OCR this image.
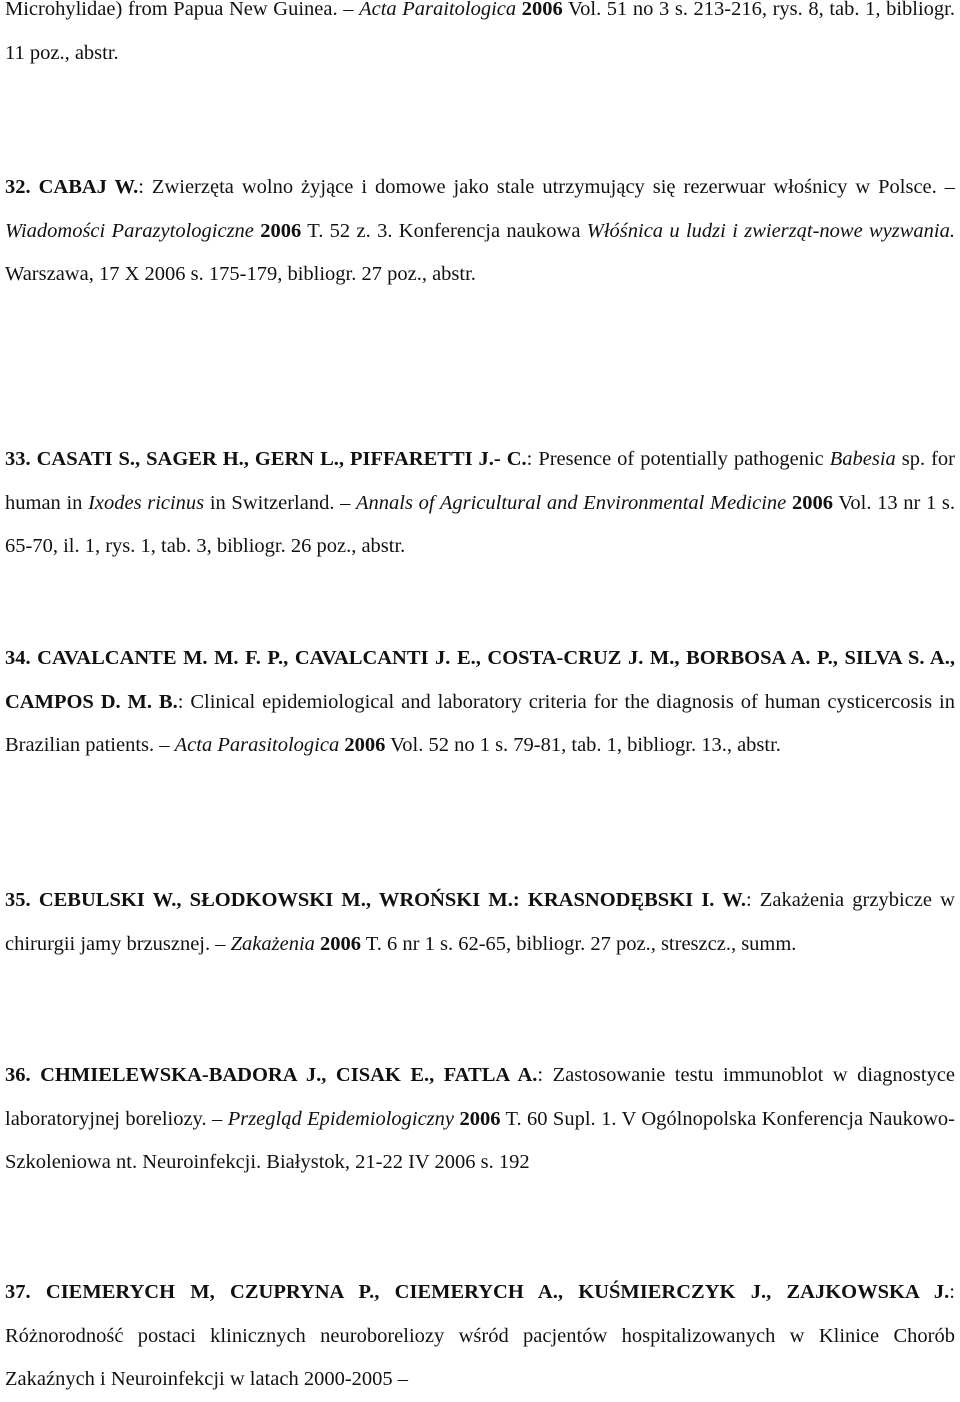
Microhylidae) from Papua New Guinea. – Acta Paraitologica 2006 Vol. 51 no 3 s. 213-216, rys. 8, tab. 1, bibliogr. 11 poz., abstr.
32. CABAJ W.: Zwierzęta wolno żyjące i domowe jako stale utrzymujący się rezerwuar włośnicy w Polsce. – Wiadomości Parazytologiczne 2006 T. 52 z. 3. Konferencja naukowa Włóśnica u ludzi i zwierząt-nowe wyzwania. Warszawa, 17 X 2006 s. 175-179, bibliogr. 27 poz., abstr.
33. CASATI S., SAGER H., GERN L., PIFFARETTI J.- C.: Presence of potentially pathogenic Babesia sp. for human in Ixodes ricinus in Switzerland. – Annals of Agricultural and Environmental Medicine 2006 Vol. 13 nr 1 s. 65-70, il. 1, rys. 1, tab. 3, bibliogr. 26 poz., abstr.
34. CAVALCANTE M. M. F. P., CAVALCANTI J. E., COSTA-CRUZ J. M., BORBOSA A. P., SILVA S. A., CAMPOS D. M. B.: Clinical epidemiological and laboratory criteria for the diagnosis of human cysticercosis in Brazilian patients. – Acta Parasitologica 2006 Vol. 52 no 1 s. 79-81, tab. 1, bibliogr. 13., abstr.
35. CEBULSKI W., SŁODKOWSKI M., WROŃSKI M.: KRASNODĘBSKI I. W.: Zakażenia grzybicze w chirurgii jamy brzusznej. – Zakażenia 2006 T. 6 nr 1 s. 62-65, bibliogr. 27 poz., streszcz., summ.
36. CHMIELEWSKA-BADORA J., CISAK E., FATLA A.: Zastosowanie testu immunoblot w diagnostyce laboratoryjnej boreliozy. – Przegląd Epidemiologiczny 2006 T. 60 Supl. 1. V Ogólnopolska Konferencja Naukowo-Szkoleniowa nt. Neuroinfekcji. Białystok, 21-22 IV 2006 s. 192
37. CIEMERYCH M, CZUPRYNA P., CIEMERYCH A., KUŚMIERCZYK J., ZAJKOWSKA J.: Różnorodność postaci klinicznych neuroboreliozy wśród pacjentów hospitalizowanych w Klinice Chorób Zakaźnych i Neuroinfekcji w latach 2000-2005 –
